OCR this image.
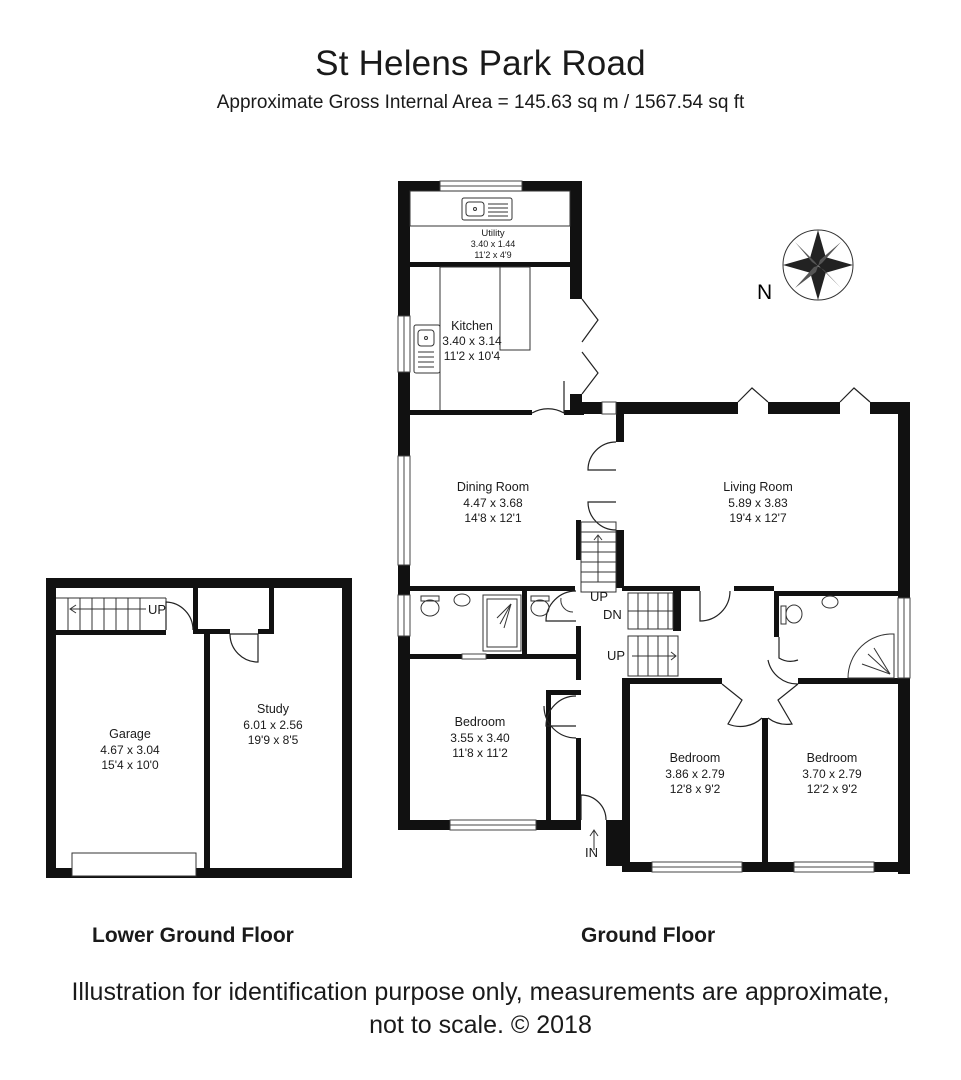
St Helens Park Road
Approximate Gross Internal Area = 145.63 sq m / 1567.54 sq ft
N
Utility
3.40 x 1.44
11'2 x 4'9
Kitchen
3.40 x 3.14
11'2 x 10'4
Dining Room
4.47 x 3.68
14'8 x 12'1
Living Room
5.89 x 3.83
19'4 x 12'7
Bedroom
3.55 x 3.40
11'8 x 11'2	Bedroom
3.86 x 2.79
12'8 x 9'2
Bedroom
3.70 x 2.79
12'2 x 9'2
Garage
4.67 x 3.04
15'4 x 10'0
Study
6.01 x 2.56
19'9 x 8'5
UP
UP
DN
UP
IN
Lower Ground Floor	Ground Floor
Illustration for identification purpose only, measurements are approximate,
not to scale. © 2018
